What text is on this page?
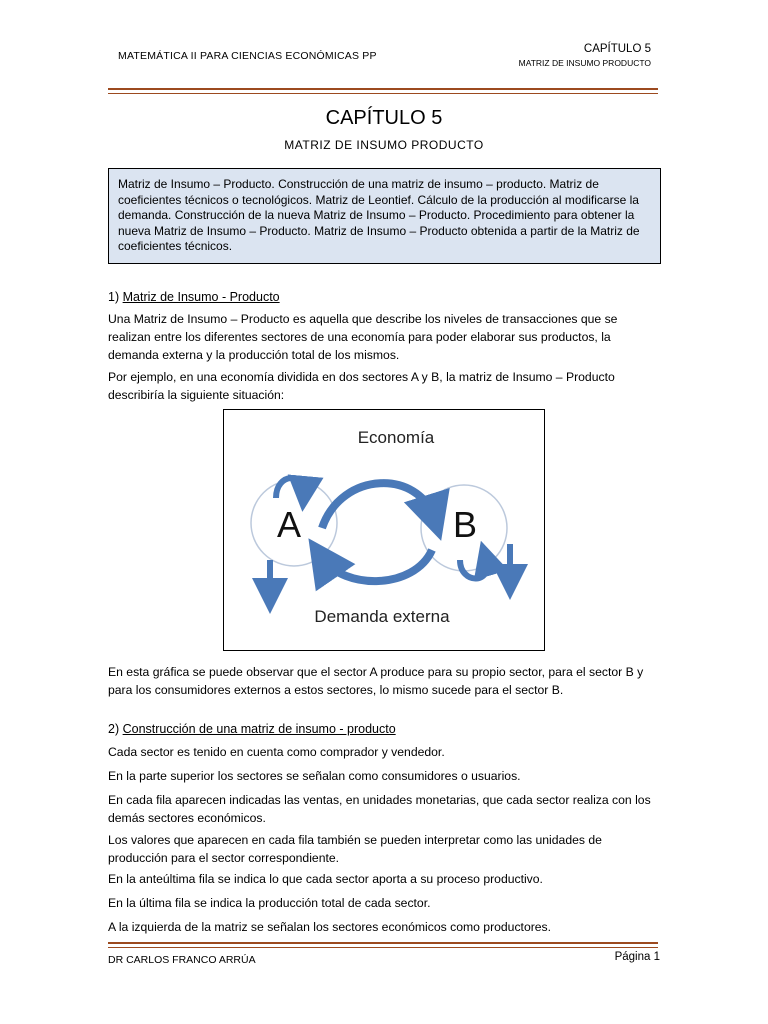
MATEMÁTICA II PARA CIENCIAS ECONÓMICAS PP
CAPÍTULO 5
MATRIZ DE INSUMO PRODUCTO
CAPÍTULO 5
MATRIZ DE INSUMO PRODUCTO
Matriz de Insumo – Producto. Construcción de una matriz de insumo – producto. Matriz de coeficientes técnicos o tecnológicos. Matriz de Leontief. Cálculo de la producción al modificarse la demanda. Construcción de la nueva Matriz de Insumo – Producto. Procedimiento para obtener la nueva Matriz de Insumo – Producto. Matriz de Insumo – Producto obtenida a partir de la Matriz de coeficientes técnicos.
1) Matriz de Insumo - Producto
Una Matriz de Insumo – Producto es aquella que describe los niveles de transacciones que se realizan entre los diferentes sectores de una economía para poder elaborar sus productos, la demanda externa y la producción total de los mismos.
Por ejemplo, en una economía dividida en dos sectores A y B, la matriz de Insumo – Producto describiría la siguiente situación:
Economía
A	B
Demanda externa
En esta gráfica se puede observar que el sector A produce para su propio sector, para el sector B y para los consumidores externos a estos sectores, lo mismo sucede para el sector B.
2) Construcción de una matriz de insumo - producto
Cada sector es tenido en cuenta como comprador y vendedor.
En la parte superior los sectores se señalan como consumidores o usuarios.
En cada fila aparecen indicadas las ventas, en unidades monetarias, que cada sector realiza con los demás sectores económicos.
Los valores que aparecen en cada fila también se pueden interpretar como las unidades de producción para el sector correspondiente.
En la anteúltima fila se indica lo que cada sector aporta a su proceso productivo.
En la última fila se indica la producción total de cada sector.
A la izquierda de la matriz se señalan los sectores económicos como productores.
DR CARLOS FRANCO ARRÚA	Página 1
